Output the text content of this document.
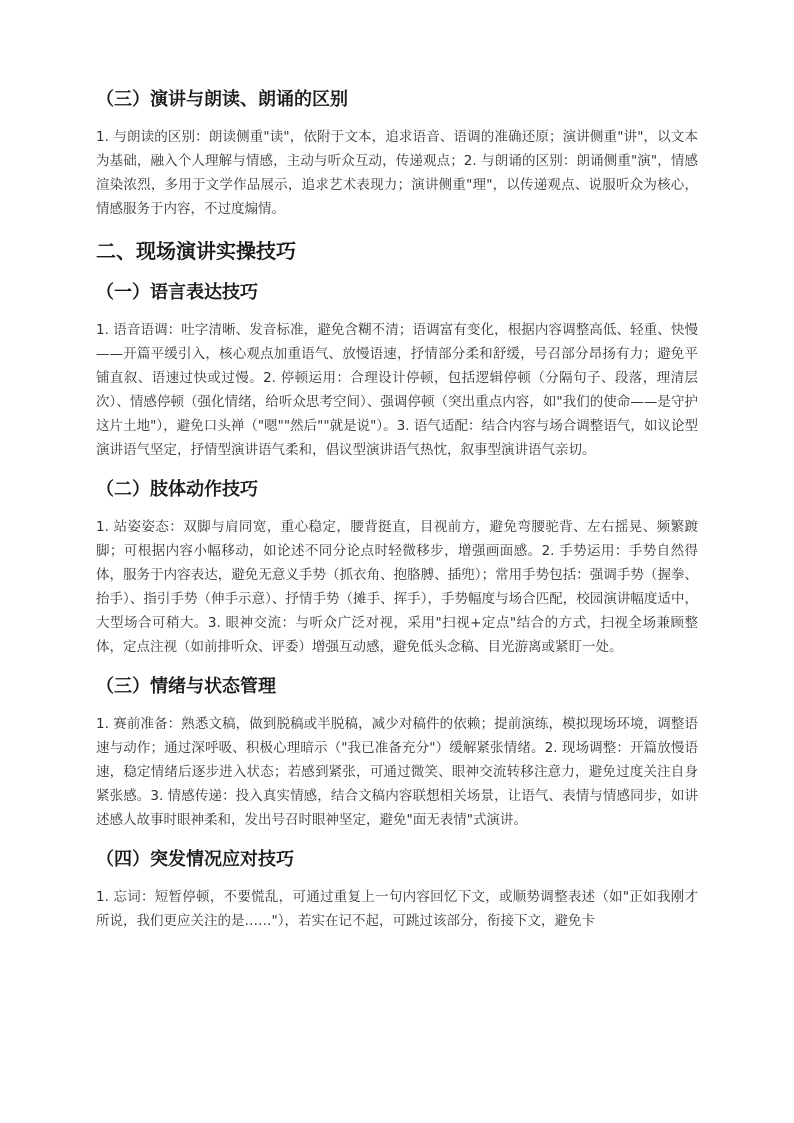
（三）演讲与朗读、朗诵的区别

1. 与朗读的区别：朗读侧重"读"，依附于文本，追求语音、语调的准确还原；演讲侧重"讲"，以文本为基础，融入个人理解与情感，主动与听众互动，传递观点；2. 与朗诵的区别：朗诵侧重"演"，情感渲染浓烈，多用于文学作品展示，追求艺术表现力；演讲侧重"理"，以传递观点、说服听众为核心，情感服务于内容，不过度煽情。

二、现场演讲实操技巧
（一）语言表达技巧

1. 语音语调：吐字清晰、发音标准，避免含糊不清；语调富有变化，根据内容调整高低、轻重、快慢——开篇平缓引入，核心观点加重语气、放慢语速，抒情部分柔和舒缓，号召部分昂扬有力；避免平铺直叙、语速过快或过慢。2. 停顿运用：合理设计停顿，包括逻辑停顿（分隔句子、段落，理清层次）、情感停顿（强化情绪，给听众思考空间）、强调停顿（突出重点内容，如"我们的使命——是守护这片土地"），避免口头禅（"嗯""然后""就是说"）。3. 语气适配：结合内容与场合调整语气，如议论型演讲语气坚定，抒情型演讲语气柔和，倡议型演讲语气热忱，叙事型演讲语气亲切。

（二）肢体动作技巧

1. 站姿姿态：双脚与肩同宽，重心稳定，腰背挺直，目视前方，避免弯腰驼背、左右摇晃、频繁踱脚；可根据内容小幅移动，如论述不同分论点时轻微移步，增强画面感。2. 手势运用：手势自然得体，服务于内容表达，避免无意义手势（抓衣角、抱胳膊、插兜）；常用手势包括：强调手势（握拳、抬手）、指引手势（伸手示意）、抒情手势（摊手、挥手），手势幅度与场合匹配，校园演讲幅度适中，大型场合可稍大。3. 眼神交流：与听众广泛对视，采用"扫视+定点"结合的方式，扫视全场兼顾整体，定点注视（如前排听众、评委）增强互动感，避免低头念稿、目光游离或紧盯一处。

（三）情绪与状态管理

1. 赛前准备：熟悉文稿，做到脱稿或半脱稿，减少对稿件的依赖；提前演练，模拟现场环境，调整语速与动作；通过深呼吸、积极心理暗示（"我已准备充分"）缓解紧张情绪。2. 现场调整：开篇放慢语速，稳定情绪后逐步进入状态；若感到紧张，可通过微笑、眼神交流转移注意力，避免过度关注自身紧张感。3. 情感传递：投入真实情感，结合文稿内容联想相关场景，让语气、表情与情感同步，如讲述感人故事时眼神柔和，发出号召时眼神坚定，避免"面无表情"式演讲。

（四）突发情况应对技巧

1. 忘词：短暂停顿，不要慌乱，可通过重复上一句内容回忆下文，或顺势调整表述（如"正如我刚才所说，我们更应关注的是……"），若实在记不起，可跳过该部分，衔接下文，避免卡
